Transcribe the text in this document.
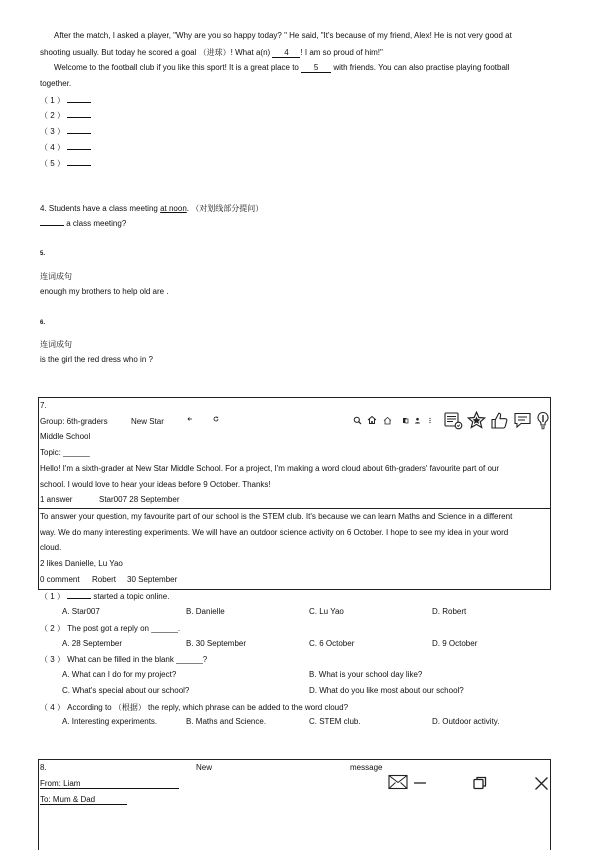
After the match, I asked a player, "Why are you so happy today? " He said, "It's because of my friend, Alex! He is not very good at
shooting usually. But today he scored a goal （进球）! What a(n) 4 ! I am so proud of him!"
Welcome to the football club if you like this sport! It is a great place to 5 with friends. You can also practise playing football
together.
（ 1 ）
（ 2 ）
（ 3 ）
（ 4 ）
（ 5 ）
4. Students have a class meeting at noon. （对划线部分提问）
a class meeting?
5.
连词成句
enough my brothers to help old are .
6.
连词成句
is the girl the red dress who in ?
7.
Group: 6th-graders	New Star
Middle School
Topic: ______
Hello! I'm a sixth-grader at New Star Middle School. For a project, I'm making a word cloud about 6th-graders' favourite part of our
school. I would love to hear your ideas before 9 October. Thanks!
1 answer	Star007 28 September
To answer your question, my favourite part of our school is the STEM club. It's because we can learn Maths and Science in a different
way. We do many interesting experiments. We will have an outdoor science activity on 6 October. I hope to see my idea in your word
cloud.
2 likes Danielle, Lu Yao
0 comment Robert 30 September
（ 1 ）	started a topic online.
A. Star007	B. Danielle	C. Lu Yao	D. Robert
（ 2 ） The post got a reply on ______.
A. 28 September	B. 30 September	C. 6 October	D. 9 October
（ 3 ） What can be filled in the blank ______?
A. What can I do for my project?	B. What is your school day like?
C. What's special about our school?	D. What do you like most about our school?
（ 4 ） According to （根据） the reply, which phrase can be added to the word cloud?
A. Interesting experiments.	B. Maths and Science.	C. STEM club.	D. Outdoor activity.
8.	New	message
From: Liam
To: Mum & Dad
